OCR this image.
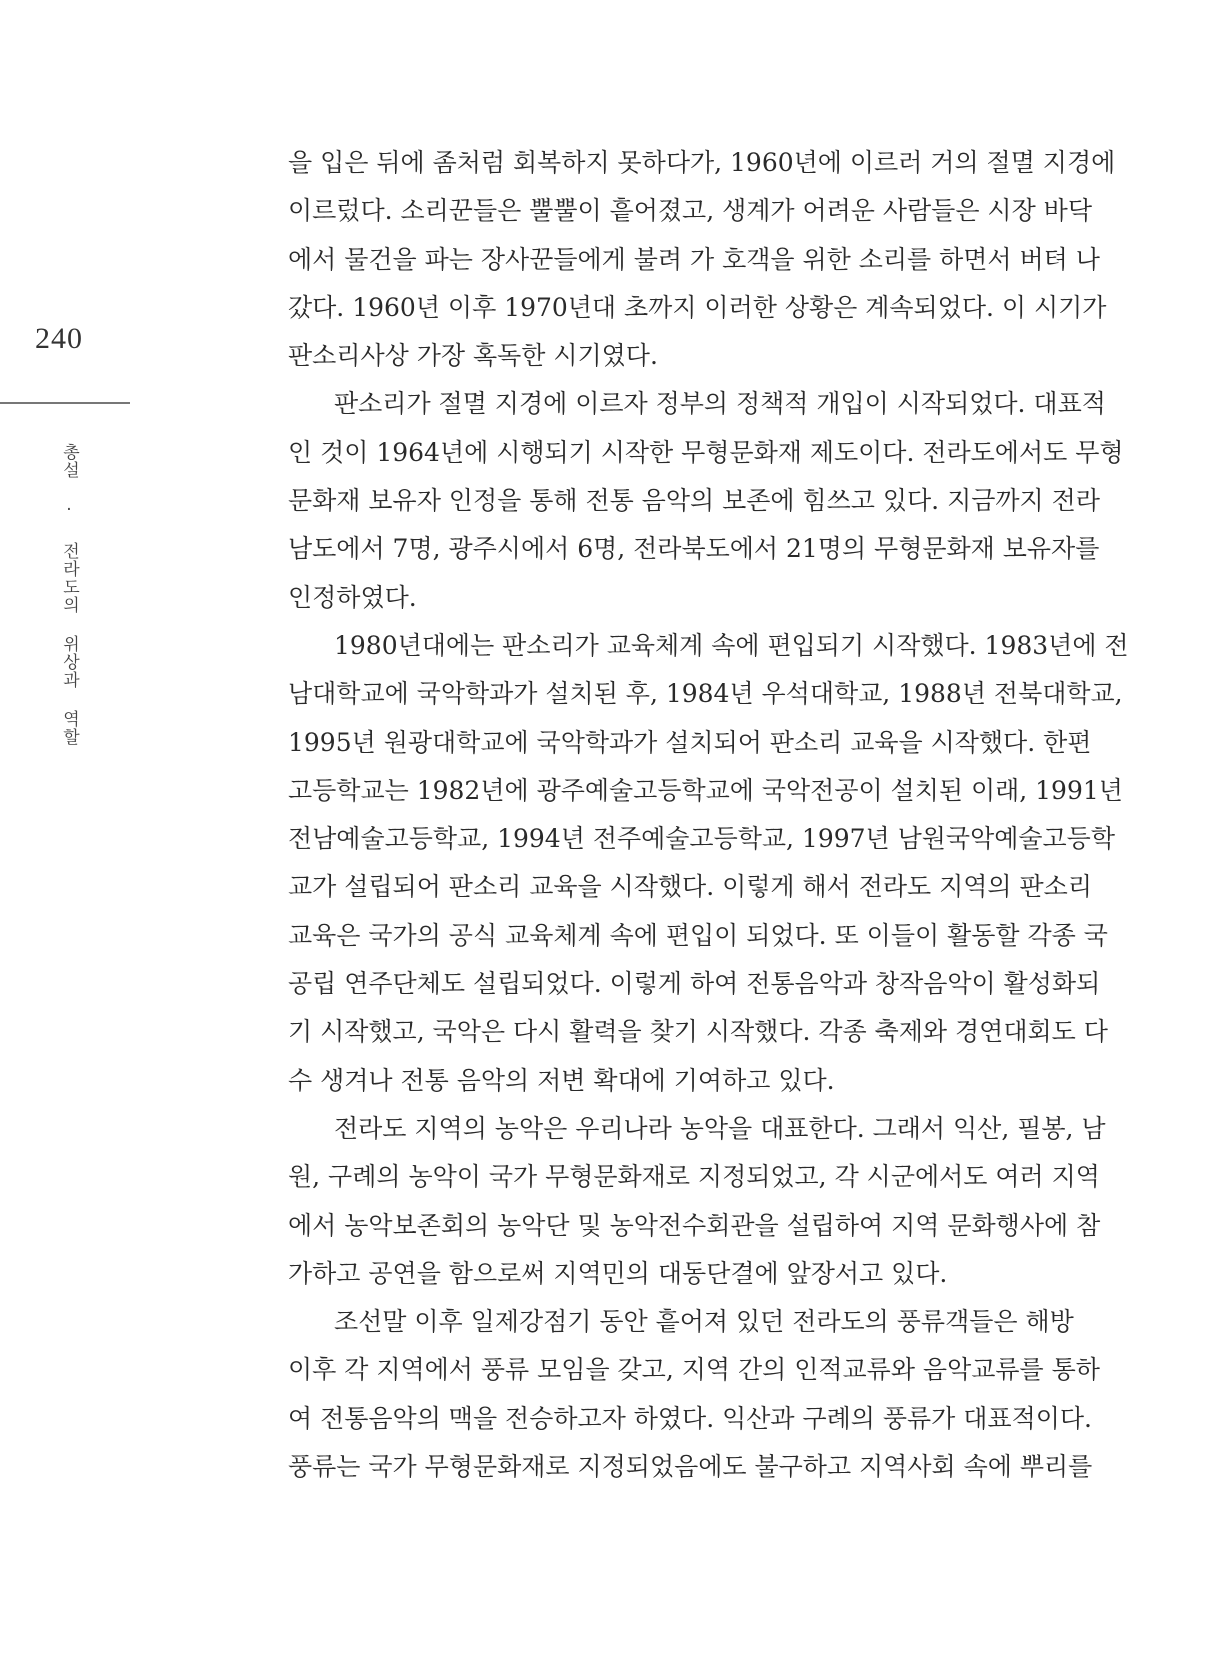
240
총설 · 전라도의 위상과 역할
을 입은 뒤에 좀처럼 회복하지 못하다가, 1960년에 이르러 거의 절멸 지경에
이르렀다. 소리꾼들은 뿔뿔이 흩어졌고, 생계가 어려운 사람들은 시장 바닥
에서 물건을 파는 장사꾼들에게 불려 가 호객을 위한 소리를 하면서 버텨 나
갔다. 1960년 이후 1970년대 초까지 이러한 상황은 계속되었다. 이 시기가
판소리사상 가장 혹독한 시기였다.
판소리가 절멸 지경에 이르자 정부의 정책적 개입이 시작되었다. 대표적
인 것이 1964년에 시행되기 시작한 무형문화재 제도이다. 전라도에서도 무형
문화재 보유자 인정을 통해 전통 음악의 보존에 힘쓰고 있다. 지금까지 전라
남도에서 7명, 광주시에서 6명, 전라북도에서 21명의 무형문화재 보유자를
인정하였다.
1980년대에는 판소리가 교육체계 속에 편입되기 시작했다. 1983년에 전
남대학교에 국악학과가 설치된 후, 1984년 우석대학교, 1988년 전북대학교,
1995년 원광대학교에 국악학과가 설치되어 판소리 교육을 시작했다. 한편
고등학교는 1982년에 광주예술고등학교에 국악전공이 설치된 이래, 1991년
전남예술고등학교, 1994년 전주예술고등학교, 1997년 남원국악예술고등학
교가 설립되어 판소리 교육을 시작했다. 이렇게 해서 전라도 지역의 판소리
교육은 국가의 공식 교육체계 속에 편입이 되었다. 또 이들이 활동할 각종 국
공립 연주단체도 설립되었다. 이렇게 하여 전통음악과 창작음악이 활성화되
기 시작했고, 국악은 다시 활력을 찾기 시작했다. 각종 축제와 경연대회도 다
수 생겨나 전통 음악의 저변 확대에 기여하고 있다.
전라도 지역의 농악은 우리나라 농악을 대표한다. 그래서 익산, 필봉, 남
원, 구례의 농악이 국가 무형문화재로 지정되었고, 각 시군에서도 여러 지역
에서 농악보존회의 농악단 및 농악전수회관을 설립하여 지역 문화행사에 참
가하고 공연을 함으로써 지역민의 대동단결에 앞장서고 있다.
조선말 이후 일제강점기 동안 흩어져 있던 전라도의 풍류객들은 해방
이후 각 지역에서 풍류 모임을 갖고, 지역 간의 인적교류와 음악교류를 통하
여 전통음악의 맥을 전승하고자 하였다. 익산과 구례의 풍류가 대표적이다.
풍류는 국가 무형문화재로 지정되었음에도 불구하고 지역사회 속에 뿌리를
